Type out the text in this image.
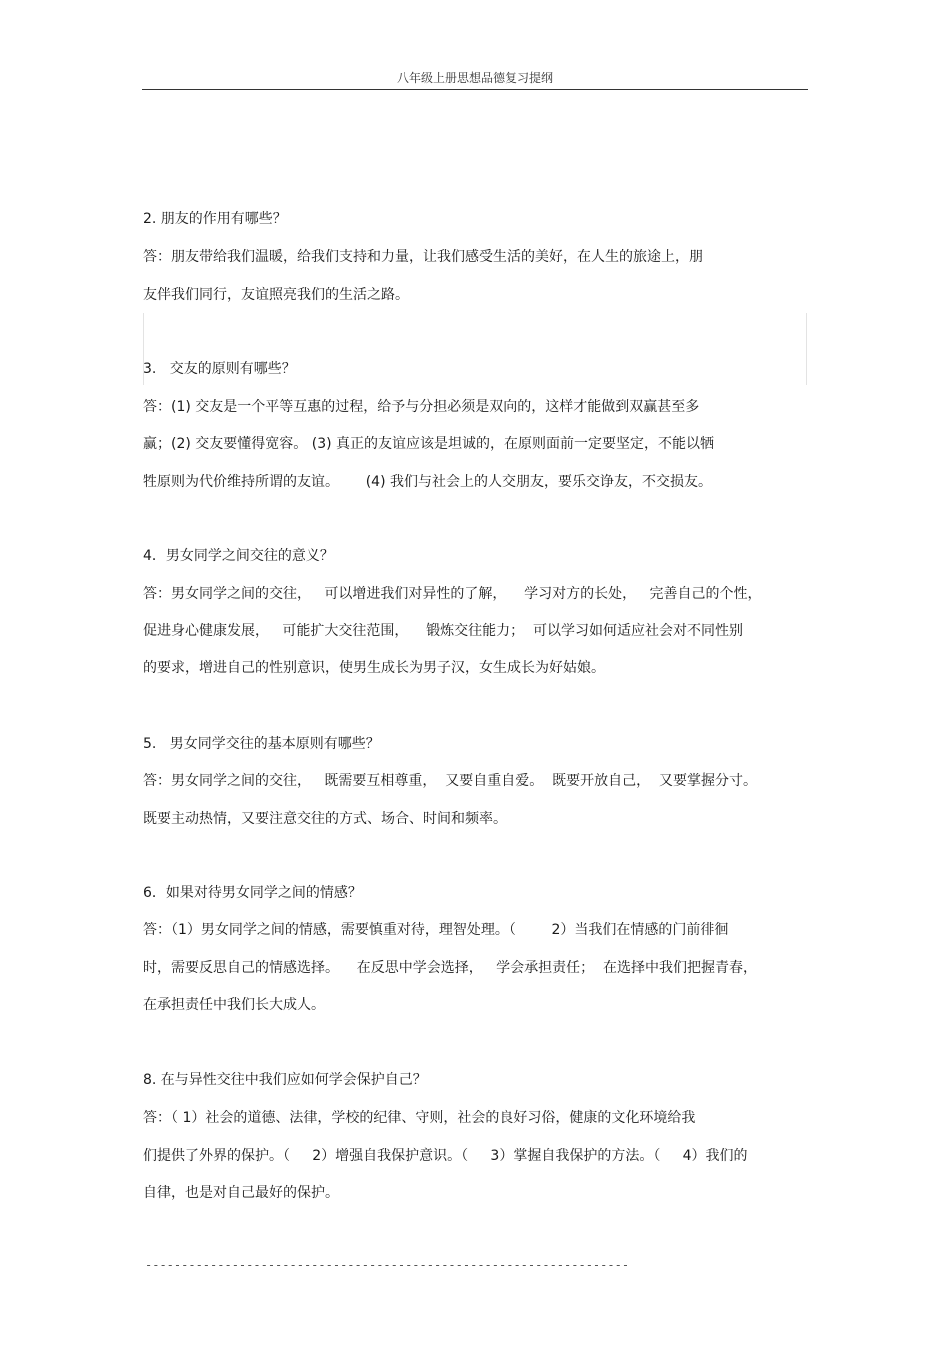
八年级上册思想品德复习提纲
2. 朋友的作用有哪些？
答：朋友带给我们温暖，给我们支持和力量，让我们感受生活的美好，在人生的旅途上，朋
友伴我们同行，友谊照亮我们的生活之路。
3.   交友的原则有哪些？
答：(1) 交友是一个平等互惠的过程，给予与分担必须是双向的，这样才能做到双赢甚至多
赢；(2) 交友要懂得宽容。 (3) 真正的友谊应该是坦诚的，在原则面前一定要坚定，不能以牺
牲原则为代价维持所谓的友谊。      (4) 我们与社会上的人交朋友，要乐交诤友，不交损友。
4．男女同学之间交往的意义？
答：男女同学之间的交往，   可以增进我们对异性的了解，    学习对方的长处，   完善自己的个性，
促进身心健康发展，   可能扩大交往范围，    锻炼交往能力；  可以学习如何适应社会对不同性别
的要求，增进自己的性别意识，使男生成长为男子汉，女生成长为好姑娘。
5.   男女同学交往的基本原则有哪些？
答：男女同学之间的交往，   既需要互相尊重，  又要自重自爱。  既要开放自己，  又要掌握分寸。
既要主动热情，又要注意交往的方式、场合、时间和频率。
6．如果对待男女同学之间的情感？
答：（1）男女同学之间的情感，需要慎重对待，理智处理。（        2）当我们在情感的门前徘徊
时，需要反思自己的情感选择。    在反思中学会选择，   学会承担责任；  在选择中我们把握青春，
在承担责任中我们长大成人。
8. 在与异性交往中我们应如何学会保护自己？
答：（ 1）社会的道德、法律，学校的纪律、守则，社会的良好习俗，健康的文化环境给我
们提供了外界的保护。（     2）增强自我保护意识。（     3）掌握自我保护的方法。（     4）我们的
自律，也是对自己最好的保护。
-------------------------------------------------------------------
